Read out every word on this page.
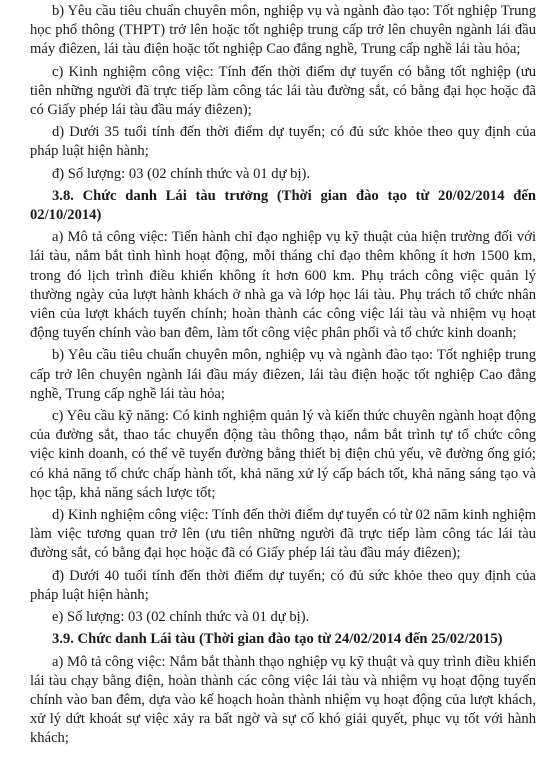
b) Yêu cầu tiêu chuẩn chuyên môn, nghiệp vụ và ngành đào tạo: Tốt nghiệp Trung học phổ thông (THPT) trở lên hoặc tốt nghiệp trung cấp trở lên chuyên ngành lái đầu máy điêzen, lái tàu điện hoặc tốt nghiệp Cao đẳng nghề, Trung cấp nghề lái tàu hỏa;

c) Kinh nghiệm công việc: Tính đến thời điểm dự tuyển có bằng tốt nghiệp (ưu tiên những người đã trực tiếp làm công tác lái tàu đường sắt, có bằng đại học hoặc đã có Giấy phép lái tàu đầu máy điêzen);

d) Dưới 35 tuổi tính đến thời điểm dự tuyển; có đủ sức khỏe theo quy định của pháp luật hiện hành;

đ) Số lượng: 03 (02 chính thức và 01 dự bị).

3.8. Chức danh Lái tàu trưởng (Thời gian đào tạo từ 20/02/2014 đến 02/10/2014)

a) Mô tả công việc: Tiến hành chỉ đạo nghiệp vụ kỹ thuật của hiện trường đối với lái tàu, nắm bắt tình hình hoạt động, mỗi tháng chỉ đạo thêm không ít hơn 1500 km, trong đó lịch trình điều khiển không ít hơn 600 km. Phụ trách công việc quản lý thường ngày của lượt hành khách ở nhà ga và lớp học lái tàu. Phụ trách tổ chức nhân viên của lượt khách tuyến chính; hoàn thành các công việc lái tàu và nhiệm vụ hoạt động tuyến chính vào ban đêm, làm tốt công việc phân phối và tổ chức kinh doanh;

b) Yêu cầu tiêu chuẩn chuyên môn, nghiệp vụ và ngành đào tạo: Tốt nghiệp trung cấp trở lên chuyên ngành lái đầu máy điêzen, lái tàu điện hoặc tốt nghiệp Cao đẳng nghề, Trung cấp nghề lái tàu hỏa;

c) Yêu cầu kỹ năng: Có kinh nghiệm quản lý và kiến thức chuyên ngành hoạt động của đường sắt, thao tác chuyển động tàu thông thạo, nắm bắt trình tự tổ chức công việc kinh doanh, có thể vẽ tuyến đường bằng thiết bị điện chủ yếu, vẽ đường ống gió; có khả năng tổ chức chấp hành tốt, khả năng xử lý cấp bách tốt, khả năng sáng tạo và học tập, khả năng sách lược tốt;

d) Kinh nghiệm công việc: Tính đến thời điểm dự tuyển có từ 02 năm kinh nghiệm làm việc tương quan trở lên (ưu tiên những người đã trực tiếp làm công tác lái tàu đường sắt, có bằng đại học hoặc đã có Giấy phép lái tàu đầu máy điêzen);

đ) Dưới 40 tuổi tính đến thời điểm dự tuyển; có đủ sức khỏe theo quy định của pháp luật hiện hành;

e) Số lượng: 03 (02 chính thức và 01 dự bị).

3.9. Chức danh Lái tàu (Thời gian đào tạo từ 24/02/2014 đến 25/02/2015)

a) Mô tả công việc: Nắm bắt thành thạo nghiệp vụ kỹ thuật và quy trình điều khiển lái tàu chạy bằng điện, hoàn thành các công việc lái tàu và nhiệm vụ hoạt động tuyến chính vào ban đêm, dựa vào kế hoạch hoàn thành nhiệm vụ hoạt động của lượt khách, xử lý dứt khoát sự việc xảy ra bất ngờ và sự cố khó giải quyết, phục vụ tốt với hành khách;
